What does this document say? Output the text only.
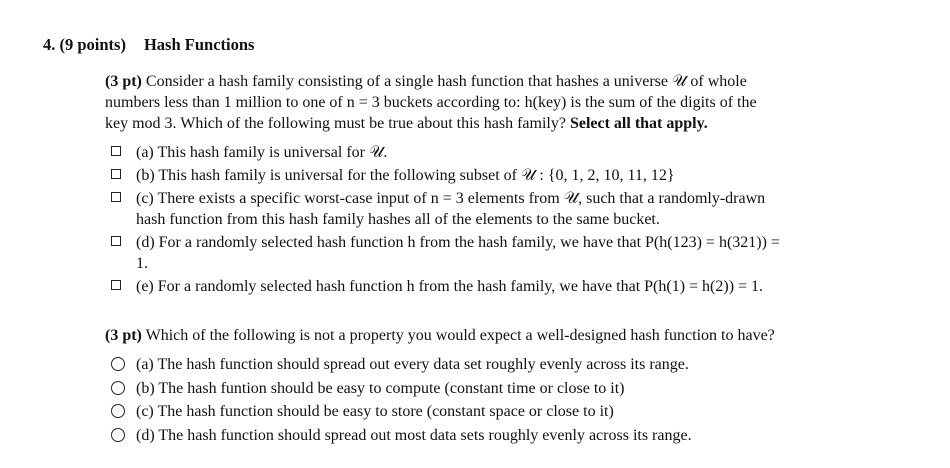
4. (9 points) Hash Functions
(3 pt) Consider a hash family consisting of a single hash function that hashes a universe 𝒰 of whole
numbers less than 1 million to one of n = 3 buckets according to: h(key) is the sum of the digits of the
key mod 3. Which of the following must be true about this hash family? Select all that apply.
(a) This hash family is universal for 𝒰.
(b) This hash family is universal for the following subset of 𝒰 : {0, 1, 2, 10, 11, 12}
(c) There exists a specific worst-case input of n = 3 elements from 𝒰, such that a randomly-drawn
hash function from this hash family hashes all of the elements to the same bucket.
(d) For a randomly selected hash function h from the hash family, we have that P(h(123) = h(321)) =
1.
(e) For a randomly selected hash function h from the hash family, we have that P(h(1) = h(2)) = 1.
(3 pt) Which of the following is not a property you would expect a well-designed hash function to have?
(a) The hash function should spread out every data set roughly evenly across its range.
(b) The hash funtion should be easy to compute (constant time or close to it)
(c) The hash function should be easy to store (constant space or close to it)
(d) The hash function should spread out most data sets roughly evenly across its range.
